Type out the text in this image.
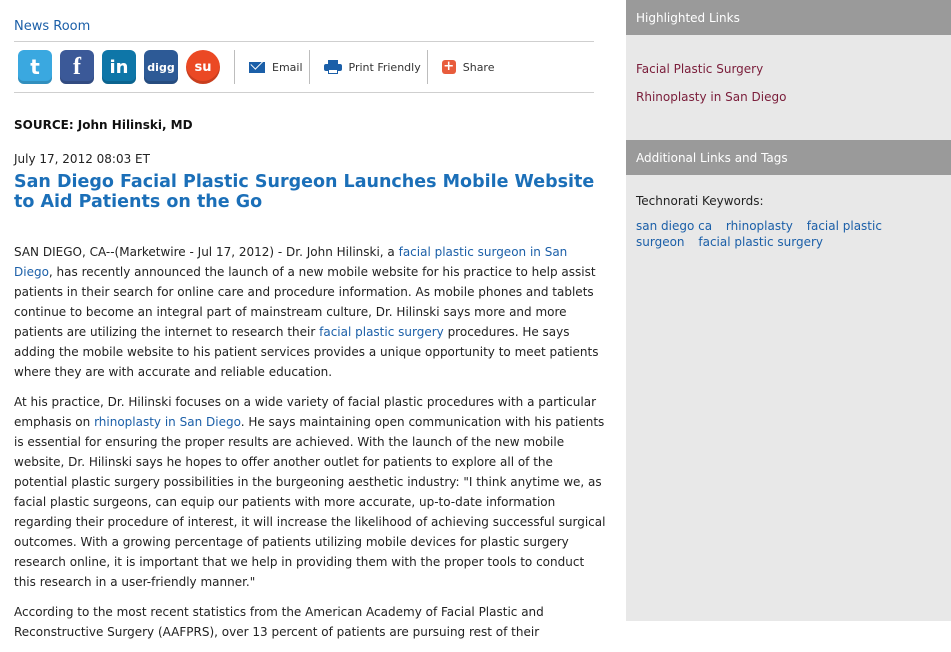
News Room
t	f	in	digg	su	Email	Print Friendly + Share
SOURCE: John Hilinski, MD
July 17, 2012 08:03 ET
San Diego Facial Plastic Surgeon Launches Mobile Website to Aid Patients on the Go

SAN DIEGO, CA--(Marketwire - Jul 17, 2012) - Dr. John Hilinski, a facial plastic surgeon in San Diego, has recently announced the launch of a new mobile website for his practice to help assist patients in their search for online care and procedure information. As mobile phones and tablets continue to become an integral part of mainstream culture, Dr. Hilinski says more and more patients are utilizing the internet to research their facial plastic surgery procedures. He says adding the mobile website to his patient services provides a unique opportunity to meet patients where they are with accurate and reliable education.

At his practice, Dr. Hilinski focuses on a wide variety of facial plastic procedures with a particular emphasis on rhinoplasty in San Diego. He says maintaining open communication with his patients is essential for ensuring the proper results are achieved. With the launch of the new mobile website, Dr. Hilinski says he hopes to offer another outlet for patients to explore all of the potential plastic surgery possibilities in the burgeoning aesthetic industry: "I think anytime we, as facial plastic surgeons, can equip our patients with more accurate, up-to-date information regarding their procedure of interest, it will increase the likelihood of achieving successful surgical outcomes. With a growing percentage of patients utilizing mobile devices for plastic surgery research online, it is important that we help in providing them with the proper tools to conduct this research in a user-friendly manner."

According to the most recent statistics from the American Academy of Facial Plastic and Reconstructive Surgery (AAFPRS), over 13 percent of patients are pursuing rest of their

Highlighted Links
Facial Plastic Surgery
Rhinoplasty in San Diego
Additional Links and Tags
Technorati Keywords:
san diego ca rhinoplasty facial plastic surgeon facial plastic surgery
